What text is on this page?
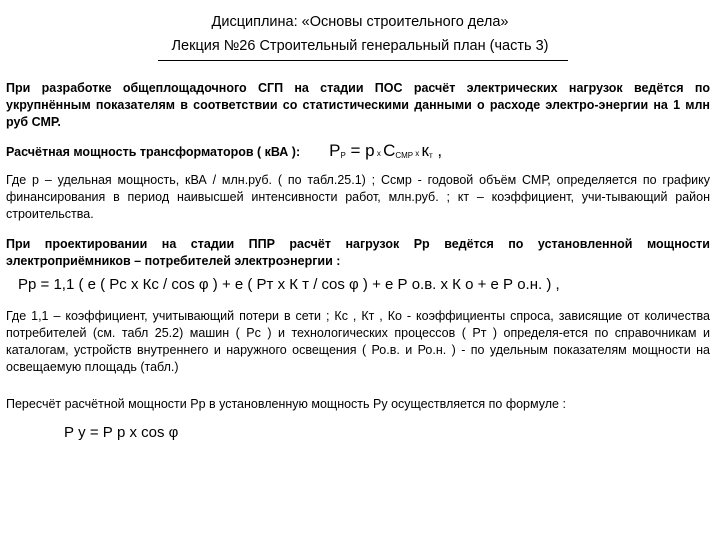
Дисциплина: «Основы строительного дела»
Лекция №26 Строительный генеральный план (часть 3)
При разработке общеплощадочного СГП на стадии ПОС расчёт электрических нагрузок ведётся по укрупнённым показателям в соответствии со статистическими данными о расходе электро-энергии на 1 млн руб СМР.
Расчётная мощность трансформаторов ( кВА ): $Р_Р = p$ х $С_{СМР}$ х $к_т$ ,
Где р – удельная мощность, кВА / млн.руб. ( по табл.25.1) ; Ссмр - годовой объём СМР, определяется по графику финансирования в период наивысшей интенсивности работ, млн.руб. ; кт – коэффициент, учи-тывающий район строительства.
При проектировании на стадии ППР расчёт нагрузок Рр ведётся по установленной мощности электроприёмников – потребителей электроэнергии :
Рр = 1,1 ( е ( Рс х Кс / cos φ ) + е ( Рт х К т / cos φ ) + е Р о.в. х К о + е Р о.н. ) ,
Где 1,1 – коэффициент, учитывающий потери в сети ; Кс , Кт , Ко - коэффициенты спроса, зависящие от количества потребителей (см. табл 25.2) машин ( Рс ) и технологических процессов ( Рт ) определя-ется по справочникам и каталогам, устройств внутреннего и наружного освещения ( Ро.в. и Ро.н. ) - по удельным показателям мощности на освещаемую площадь (табл.)
Пересчёт расчётной мощности Рр в установленную мощность Ру осуществляется по формуле :
Р у = Р р х cos φ
